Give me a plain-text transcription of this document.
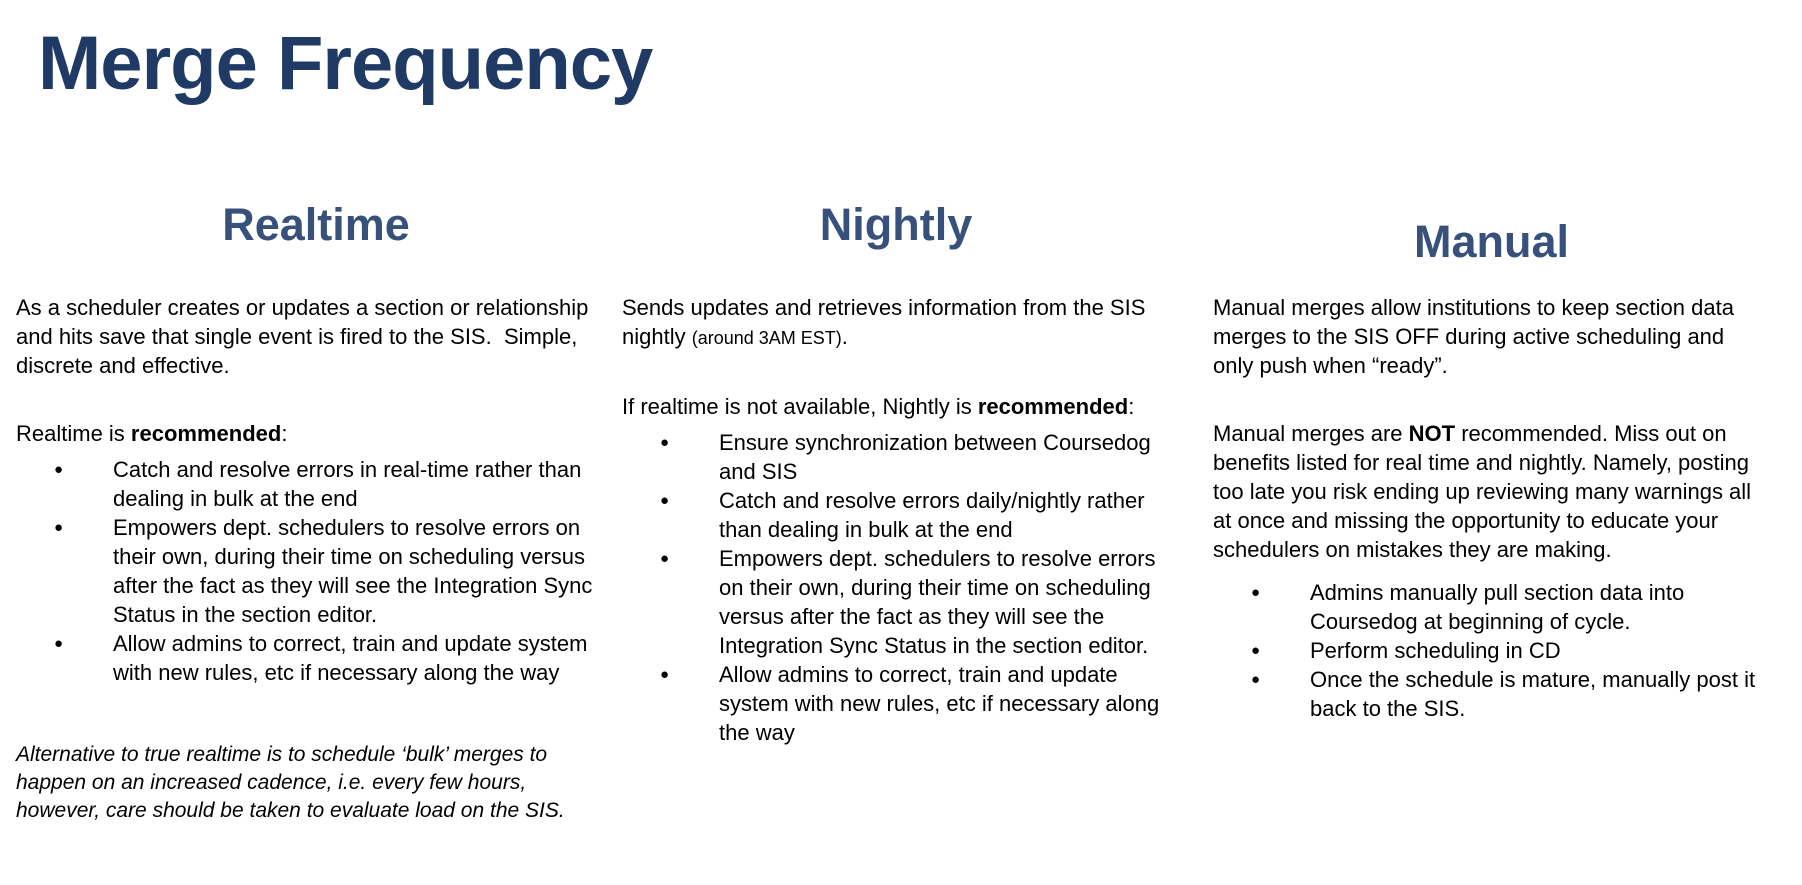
Merge Frequency
Realtime

As a scheduler creates or updates a section or relationship and hits save that single event is fired to the SIS.  Simple, discrete and effective.

Realtime is recommended:

● Catch and resolve errors in real-time rather than dealing in bulk at the end
● Empowers dept. schedulers to resolve errors on their own, during their time on scheduling versus after the fact as they will see the Integration Sync Status in the section editor.
● Allow admins to correct, train and update system with new rules, etc if necessary along the way

Alternative to true realtime is to schedule ‘bulk’ merges to happen on an increased cadence, i.e. every few hours, however, care should be taken to evaluate load on the SIS.

Nightly

Sends updates and retrieves information from the SIS nightly (around 3AM EST).

If realtime is not available, Nightly is recommended:

● Ensure synchronization between Coursedog and SIS
● Catch and resolve errors daily/nightly rather than dealing in bulk at the end
● Empowers dept. schedulers to resolve errors on their own, during their time on scheduling versus after the fact as they will see the Integration Sync Status in the section editor.
● Allow admins to correct, train and update system with new rules, etc if necessary along the way
Manual

Manual merges allow institutions to keep section data merges to the SIS OFF during active scheduling and only push when “ready”.

Manual merges are NOT recommended. Miss out on benefits listed for real time and nightly. Namely, posting too late you risk ending up reviewing many warnings all at once and missing the opportunity to educate your schedulers on mistakes they are making.

● Admins manually pull section data into Coursedog at beginning of cycle.
● Perform scheduling in CD
● Once the schedule is mature, manually post it back to the SIS.
